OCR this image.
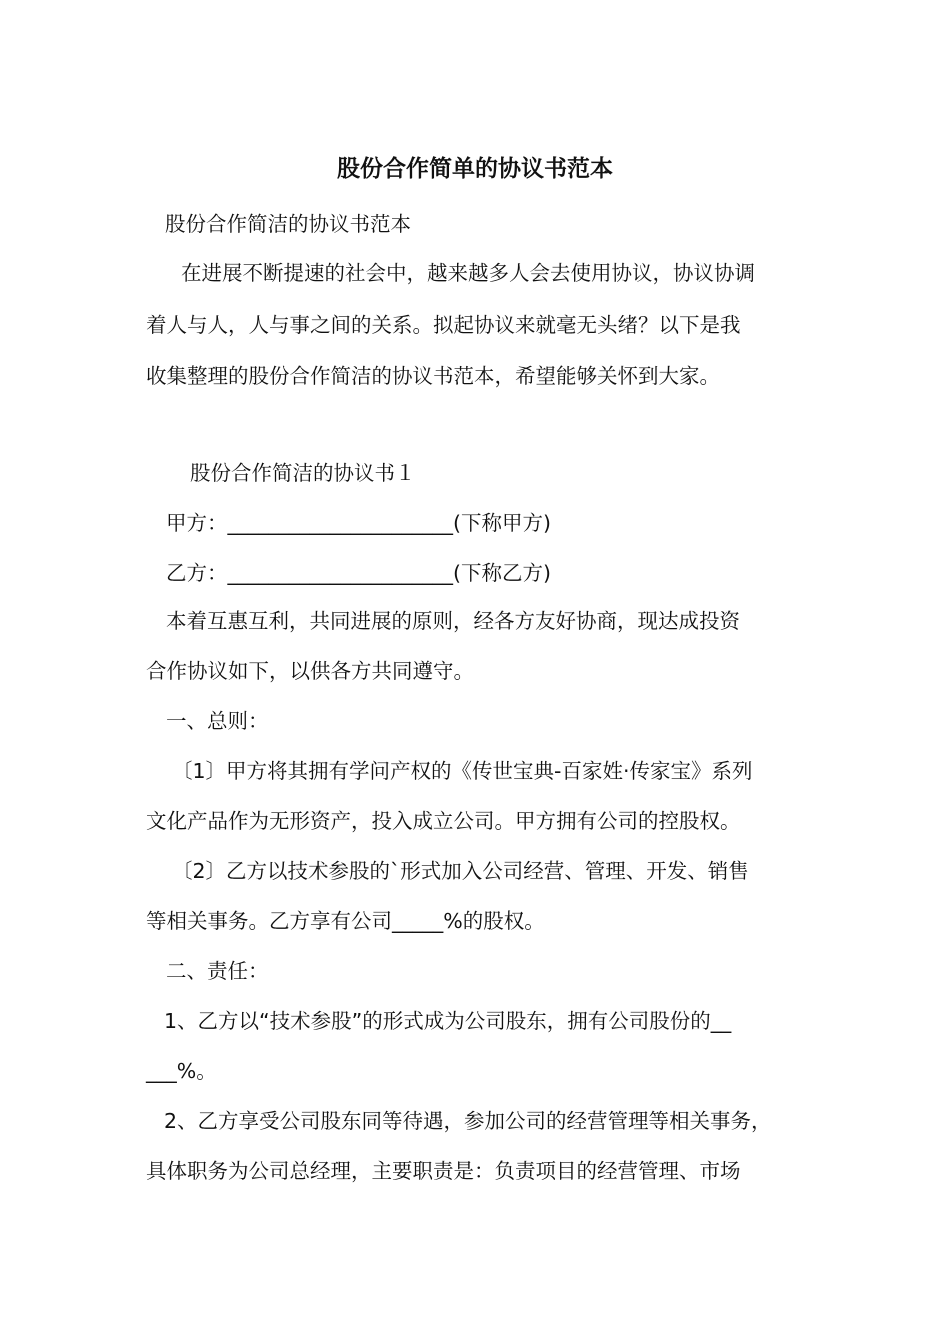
股份合作简单的协议书范本
股份合作简洁的协议书范本
在进展不断提速的社会中，越来越多人会去使用协议，协议协调
着人与人，人与事之间的关系。拟起协议来就毫无头绪？以下是我
收集整理的股份合作简洁的协议书范本，希望能够关怀到大家。
股份合作简洁的协议书１
甲方：______________________(下称甲方)
乙方：______________________(下称乙方)
本着互惠互利，共同进展的原则，经各方友好协商，现达成投资
合作协议如下，以供各方共同遵守。
一、总则：
〔1〕甲方将其拥有学问产权的《传世宝典-百家姓·传家宝》系列
文化产品作为无形资产，投入成立公司。甲方拥有公司的控股权。
〔2〕乙方以技术参股的`形式加入公司经营、管理、开发、销售
等相关事务。乙方享有公司_____%的股权。
二、责任：
1、乙方以“技术参股”的形式成为公司股东，拥有公司股份的__
___%。
2、乙方享受公司股东同等待遇，参加公司的经营管理等相关事务，
具体职务为公司总经理，主要职责是：负责项目的经营管理、市场
